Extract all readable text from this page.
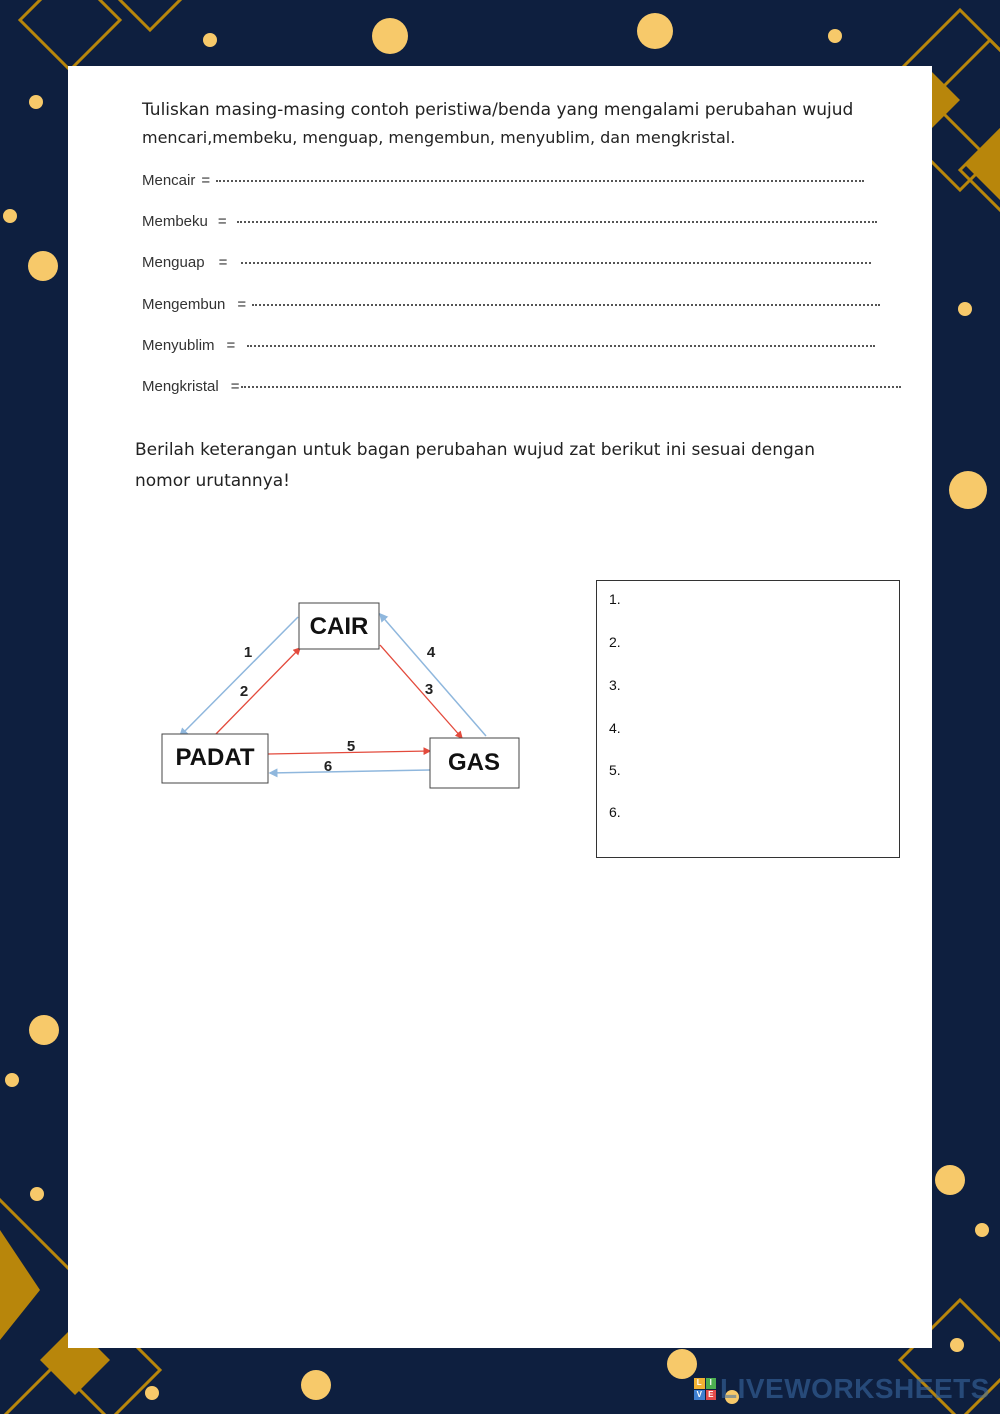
Tuliskan masing-masing contoh peristiwa/benda yang mengalami perubahan wujud
mencari,membeku, menguap, mengembun, menyublim, dan mengkristal.
Mencair =
Membeku =
Menguap =
Mengembun =
Menyublim =
Mengkristal =
Berilah keterangan untuk bagan perubahan wujud zat berikut ini sesuai dengan nomor urutannya!
CAIR
PADAT	GAS
1
2	3
4
5
6
1.
2.
3.
4.
5.
6.
L I
V E LIVEWORKSHEETS
